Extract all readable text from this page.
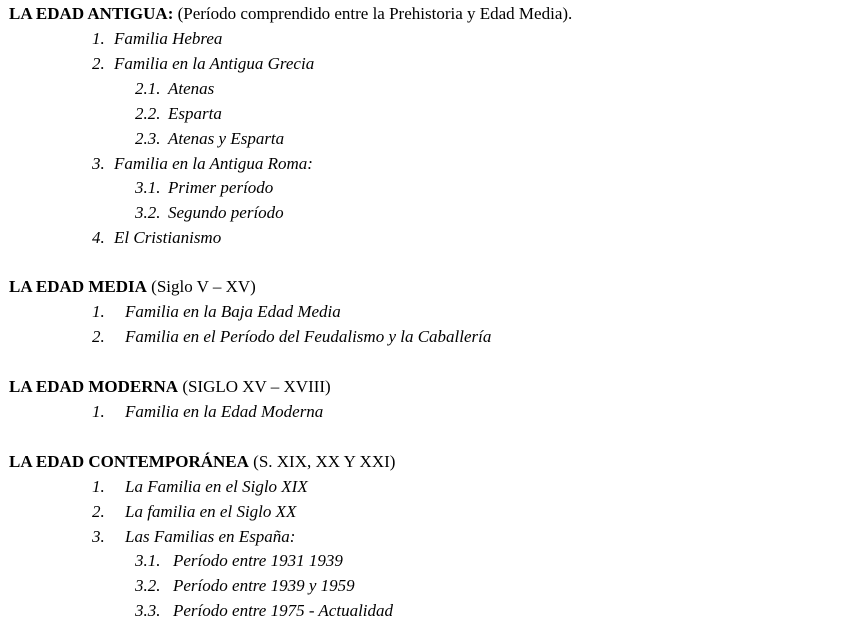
LA EDAD ANTIGUA: (Período comprendido entre la Prehistoria y Edad Media).
1. Familia Hebrea
2. Familia en la Antigua Grecia
2.1. Atenas
2.2. Esparta
2.3. Atenas y Esparta
3. Familia en la Antigua Roma:
3.1. Primer período
3.2. Segundo período
4. El Cristianismo
LA EDAD MEDIA (Siglo V – XV)
1. Familia en la Baja Edad Media
2. Familia en el Período del Feudalismo y la Caballería
LA EDAD MODERNA (SIGLO XV – XVIII)
1. Familia en la Edad Moderna
LA EDAD CONTEMPORÁNEA (S. XIX, XX Y XXI)
1. La Familia en el Siglo XIX
2. La familia en el Siglo XX
3. Las Familias en España:
3.1. Período entre 1931 1939
3.2. Período entre 1939 y 1959
3.3. Período entre 1975 - Actualidad
